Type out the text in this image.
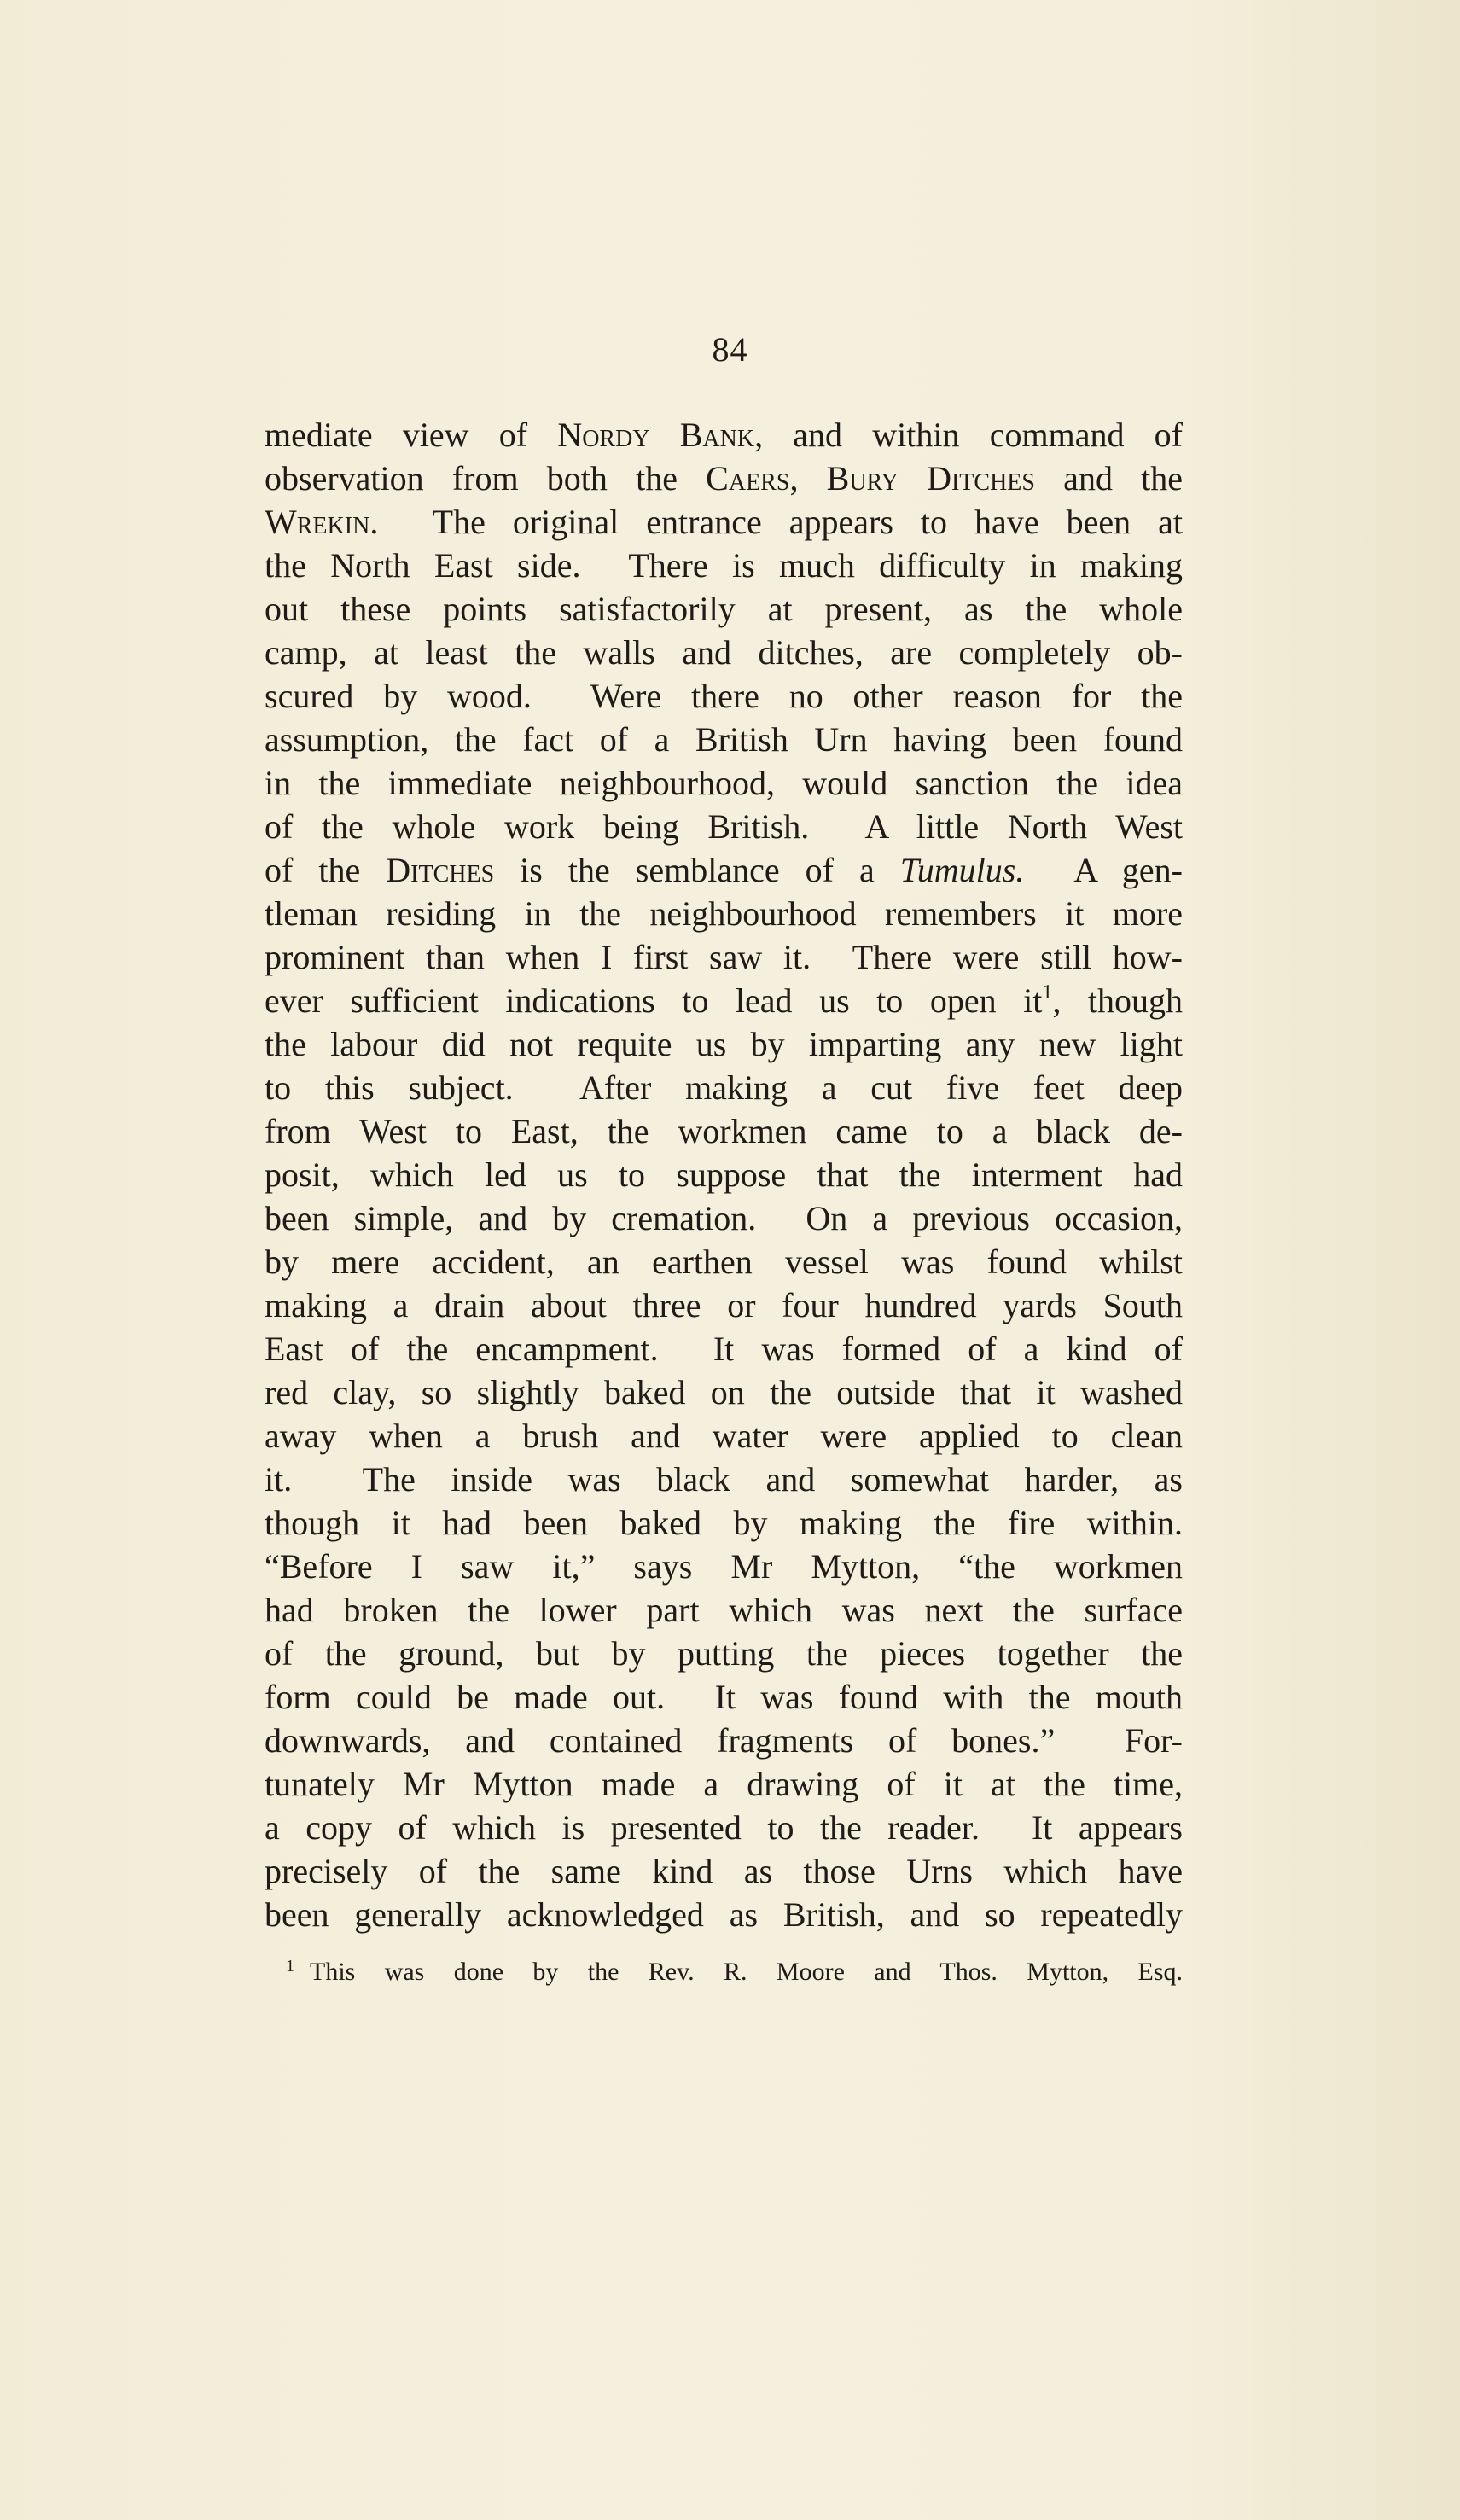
84
mediate view of Nordy Bank, and within command of
observation from both the Caers, Bury Ditches and the
Wrekin.  The original entrance appears to have been at
the North East side.  There is much difficulty in making
out these points satisfactorily at present, as the whole
camp, at least the walls and ditches, are completely ob-
scured by wood.  Were there no other reason for the
assumption, the fact of a British Urn having been found
in the immediate neighbourhood, would sanction the idea
of the whole work being British.  A little North West
of the Ditches is the semblance of a Tumulus.  A gen-
tleman residing in the neighbourhood remembers it more
prominent than when I first saw it.  There were still how-
ever sufficient indications to lead us to open $it^1$, though
the labour did not requite us by imparting any new light
to this subject.  After making a cut five feet deep
from West to East, the workmen came to a black de-
posit, which led us to suppose that the interment had
been simple, and by cremation.  On a previous occasion,
by mere accident, an earthen vessel was found whilst
making a drain about three or four hundred yards South
East of the encampment.  It was formed of a kind of
red clay, so slightly baked on the outside that it washed
away when a brush and water were applied to clean
it.  The inside was black and somewhat harder, as
though it had been baked by making the fire within.
“Before I saw it,” says Mr Mytton, “the workmen
had broken the lower part which was next the surface
of the ground, but by putting the pieces together the
form could be made out.  It was found with the mouth
downwards, and contained fragments of bones.”  For-
tunately Mr Mytton made a drawing of it at the time,
a copy of which is presented to the reader.  It appears
precisely of the same kind as those Urns which have
been generally acknowledged as British, and so repeatedly
$^1$ This was done by the Rev. R. Moore and Thos. Mytton, Esq.
